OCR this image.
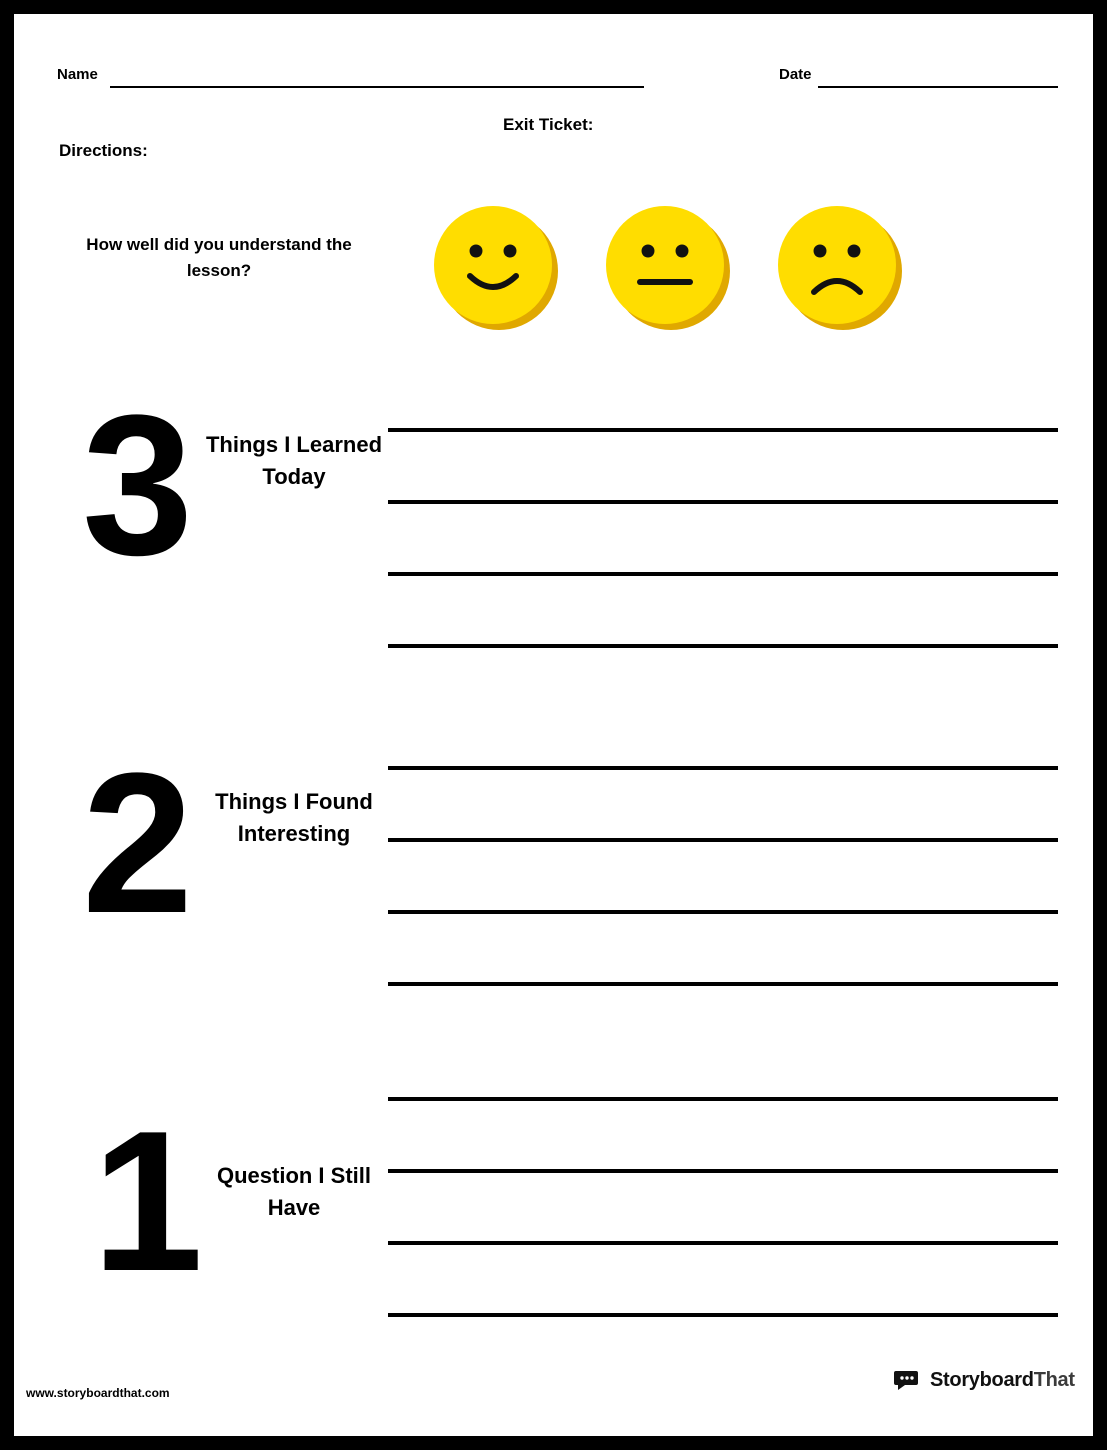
Name	Date
Exit Ticket:
Directions:
How well did you understand the lesson?
3 Things I Learned Today
2	Things I Found Interesting
1 Question I Still Have
www.storyboardthat.com
StoryboardThat
